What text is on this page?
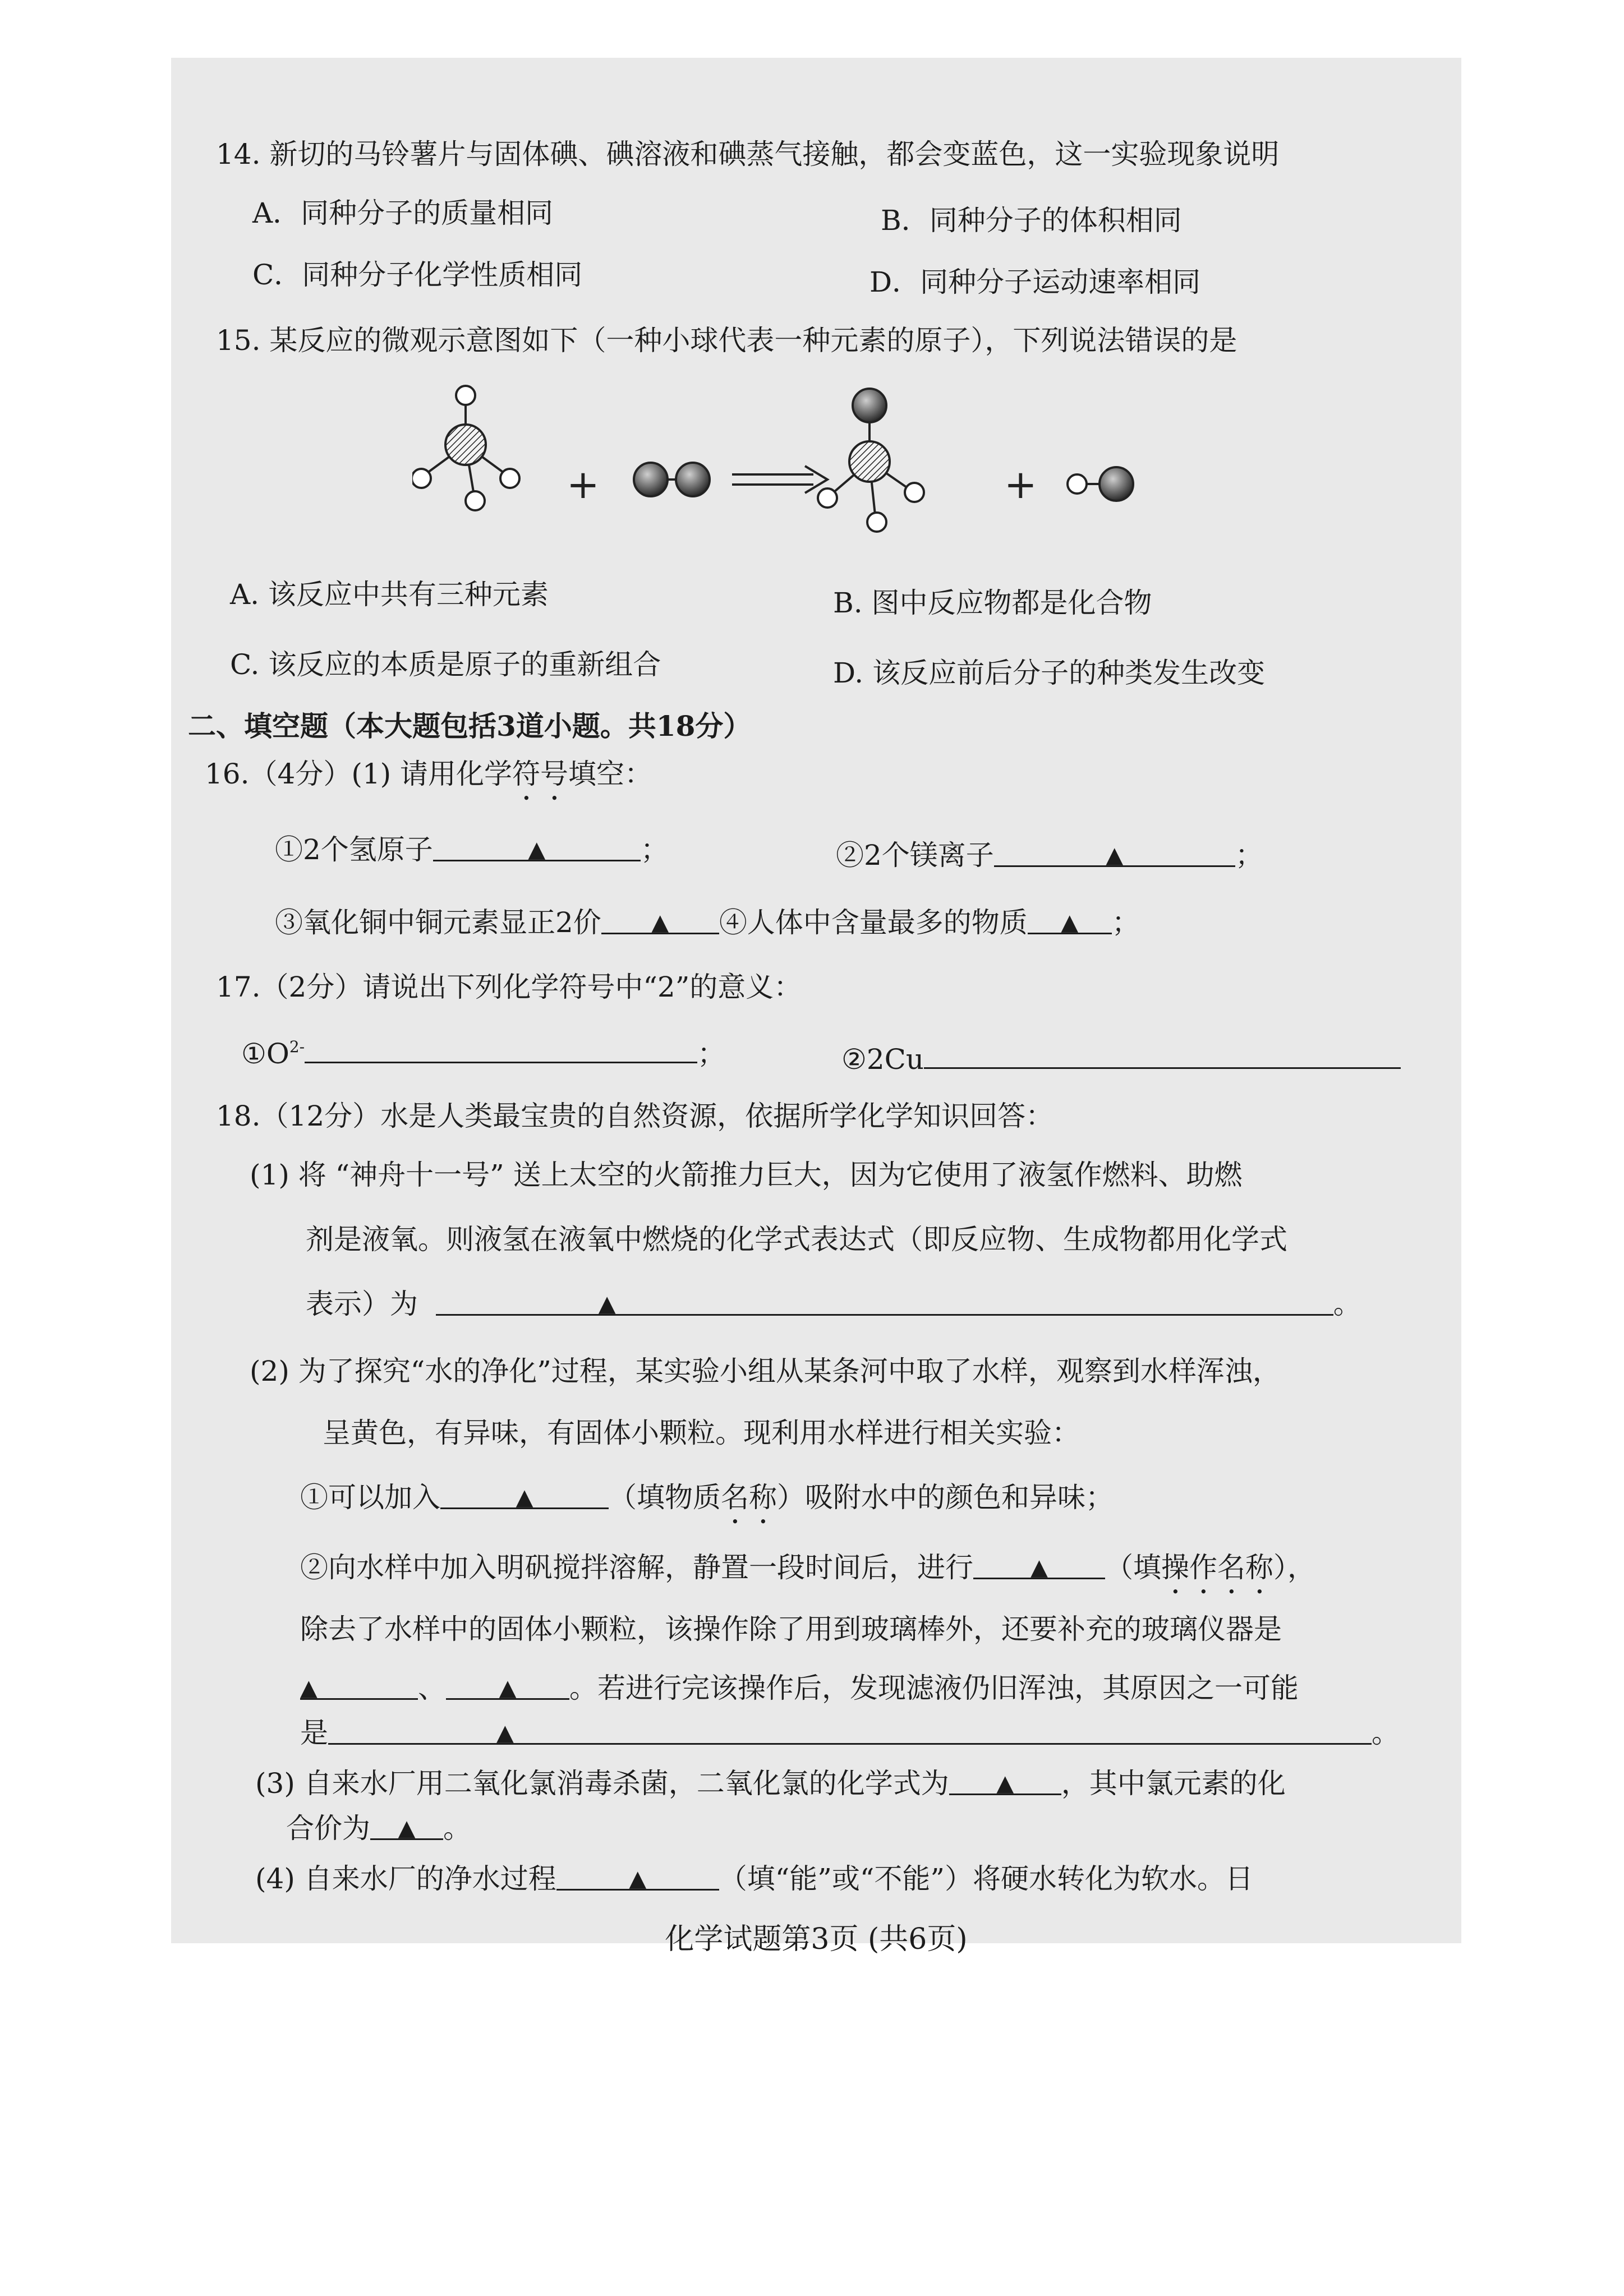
14. 新切的马铃薯片与固体碘、碘溶液和碘蒸气接触，都会变蓝色，这一实验现象说明
A．同种分子的质量相同	B．同种分子的体积相同
C．同种分子化学性质相同	D．同种分子运动速率相同
15. 某反应的微观示意图如下（一种小球代表一种元素的原子），下列说法错误的是
+	+
A. 该反应中共有三种元素	B. 图中反应物都是化合物
C. 该反应的本质是原子的重新组合	D. 该反应前后分子的种类发生改变
二、填空题（本大题包括3道小题。共18分）
16.（4分）(1) 请用化学符号填空：
①2个氢原子	▲	；	②2个镁离子	▲	；
③氧化铜中铜元素显正2价 ▲ ④人体中含量最多的物质 ▲ ；
17.（2分）请说出下列化学符号中“2”的意义：
$①O^{2-}$	；	②2Cu
18.（12分）水是人类最宝贵的自然资源，依据所学化学知识回答：
(1) 将 “神舟十一号” 送上太空的火箭推力巨大，因为它使用了液氢作燃料、助燃
剂是液氧。则液氢在液氧中燃烧的化学式表达式（即反应物、生成物都用化学式
表示）为	▲	。
(2) 为了探究“水的净化”过程，某实验小组从某条河中取了水样，观察到水样浑浊，
呈黄色，有异味，有固体小颗粒。现利用水样进行相关实验：
①可以加入	▲	（填物质名称）吸附水中的颜色和异味；
②向水样中加入明矾搅拌溶解，静置一段时间后，进行	▲ （填操作名称），
除去了水样中的固体小颗粒，该操作除了用到玻璃棒外，还要补充的玻璃仪器是
▲	、 ▲ 。若进行完该操作后，发现滤液仍旧浑浊，其原因之一可能
是	▲	。
(3) 自来水厂用二氧化氯消毒杀菌，二氧化氯的化学式为 ▲ ，其中氯元素的化
合价为 ▲ 。
(4) 自来水厂的净水过程	▲	（填“能”或“不能”）将硬水转化为软水。日
化学试题第3页 (共6页)
